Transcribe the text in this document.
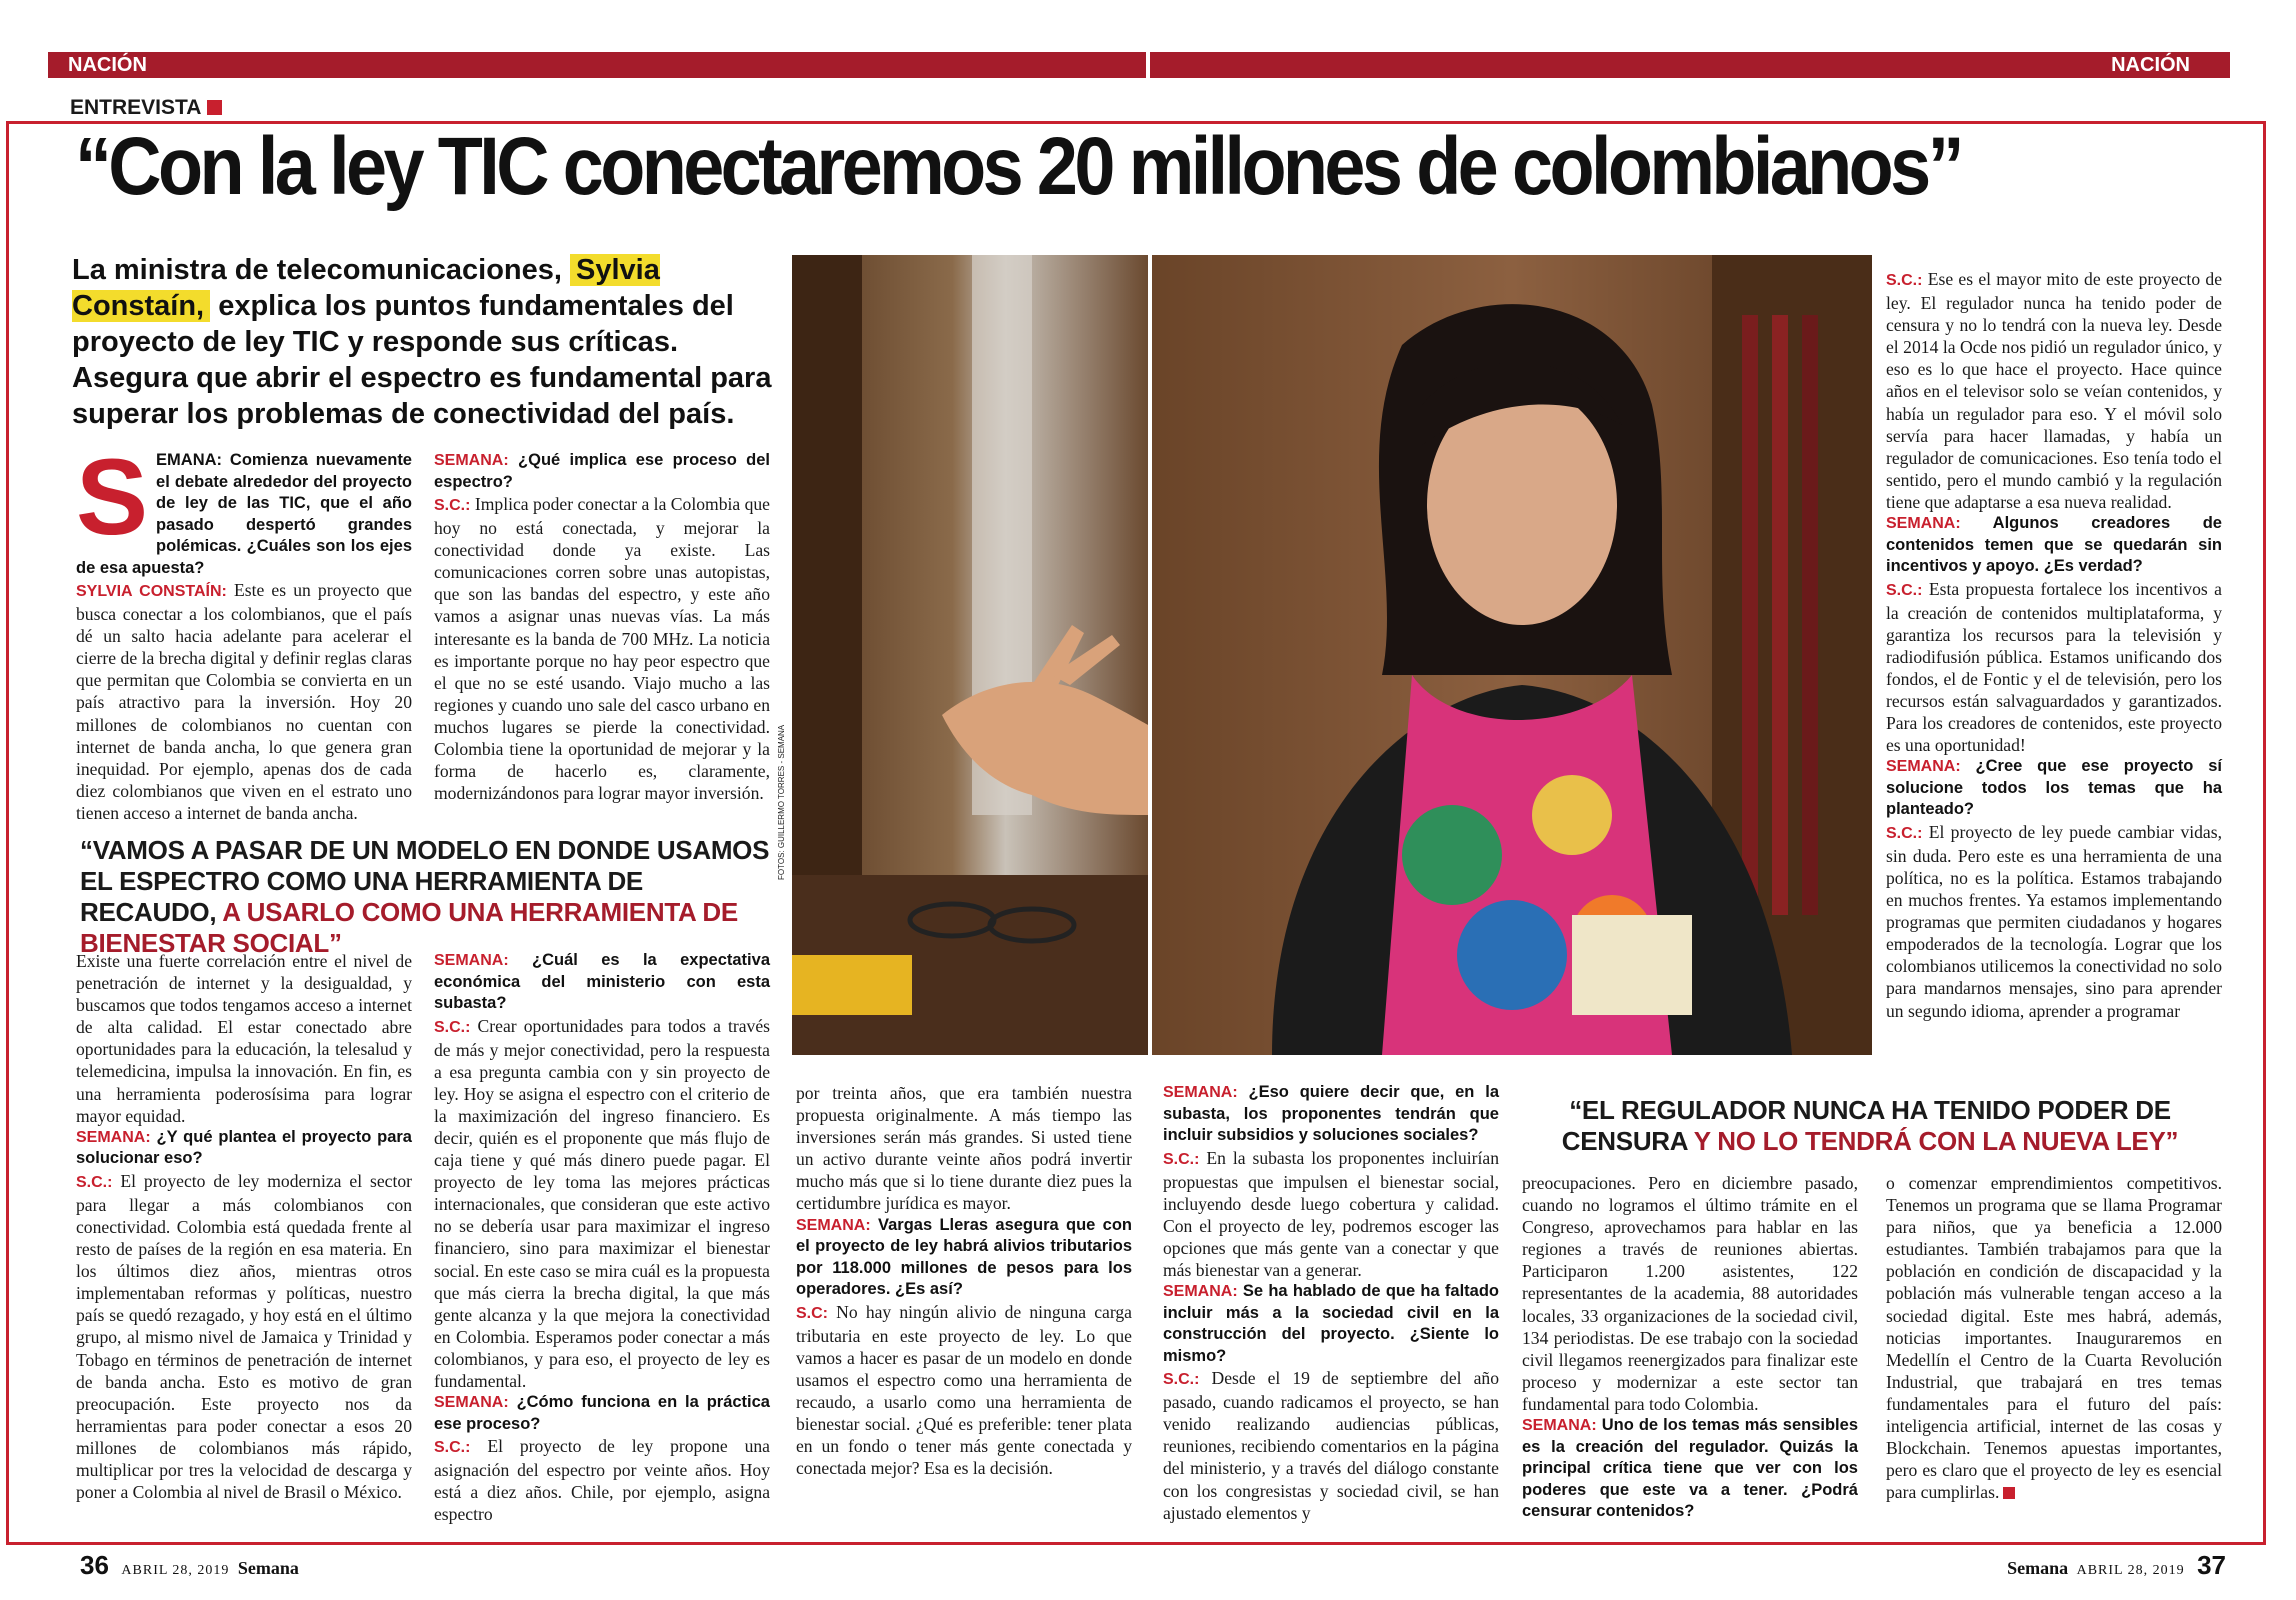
NACIÓN	NACIÓN
ENTREVISTA
FOTOS: GUILLERMO TORRES - SEMANA
“Con la ley TIC conectaremos 20 millones de colombianos”
La ministra de telecomunicaciones, Sylvia Constaín, explica los puntos fundamentales del proyecto de ley TIC y responde sus críticas. Asegura que abrir el espectro es fundamental para superar los problemas de conectividad del país.
S EMANA: Comienza nuevamente el debate alrededor del proyecto de ley de las TIC, que el año pasado despertó grandes polémicas. ¿Cuáles son los ejes de esa apuesta?

SYLVIA CONSTAÍN: Este es un proyecto que busca conectar a los colombianos, que el país dé un salto hacia adelante para acelerar el cierre de la brecha digital y definir reglas claras que permitan que Colombia se convierta en un país atractivo para la inversión. Hoy 20 millones de colombianos no cuentan con internet de banda ancha, lo que genera gran inequidad. Por ejemplo, apenas dos de cada diez colombianos que viven en el estrato uno tienen acceso a internet de banda ancha.

SEMANA: ¿Qué implica ese proceso del espectro?

S.C.: Implica poder conectar a la Colombia que hoy no está conectada, y mejorar la conectividad donde ya existe. Las comunicaciones corren sobre unas autopistas, que son las bandas del espectro, y este año vamos a asignar unas nuevas vías. La más interesante es la banda de 700 MHz. La noticia es importante porque no hay peor espectro que el que no se esté usando. Viajo mucho a las regiones y cuando uno sale del casco urbano en muchos lugares se pierde la conectividad. Colombia tiene la oportunidad de mejorar y la forma de hacerlo es, claramente, modernizándonos para lograr mayor inversión.

“VAMOS A PASAR DE UN MODELO EN DONDE USAMOS EL ESPECTRO COMO UNA HERRAMIENTA DE RECAUDO, A USARLO COMO UNA HERRAMIENTA DE BIENESTAR SOCIAL”

Existe una fuerte correlación entre el nivel de penetración de internet y la desigualdad, y buscamos que todos tengamos acceso a internet de alta calidad. El estar conectado abre oportunidades para la educación, la telesalud y telemedicina, impulsa la innovación. En fin, es una herramienta poderosísima para lograr mayor equidad.

SEMANA: ¿Y qué plantea el proyecto para solucionar eso?

S.C.: El proyecto de ley moderniza el sector para llegar a más colombianos con conectividad. Colombia está quedada frente al resto de países de la región en esa materia. En los últimos diez años, mientras otros implementaban reformas y políticas, nuestro país se quedó rezagado, y hoy está en el último grupo, al mismo nivel de Jamaica y Trinidad y Tobago en términos de penetración de internet de banda ancha. Esto es motivo de gran preocupación. Este proyecto nos da herramientas para poder conectar a esos 20 millones de colombianos más rápido, multiplicar por tres la velocidad de descarga y poner a Colombia al nivel de Brasil o México.

SEMANA: ¿Cuál es la expectativa económica del ministerio con esta subasta?

S.C.: Crear oportunidades para todos a través de más y mejor conectividad, pero la respuesta a esa pregunta cambia con y sin proyecto de ley. Hoy se asigna el espectro con el criterio de la maximización del ingreso financiero. Es decir, quién es el proponente que más flujo de caja tiene y qué más dinero puede pagar. El proyecto de ley toma las mejores prácticas internacionales, que consideran que este activo no se debería usar para maximizar el ingreso financiero, sino para maximizar el bienestar social. En este caso se mira cuál es la propuesta que más cierra la brecha digital, la que más gente alcanza y la que mejora la conectividad en Colombia. Esperamos poder conectar a más colombianos, y para eso, el proyecto de ley es fundamental.

SEMANA: ¿Cómo funciona en la práctica ese proceso?

S.C.: El proyecto de ley propone una asignación del espectro por veinte años. Hoy está a diez años. Chile, por ejemplo, asigna espectro

por treinta años, que era también nuestra propuesta originalmente. A más tiempo las inversiones serán más grandes. Si usted tiene un activo durante veinte años podrá invertir mucho más que si lo tiene durante diez pues la certidumbre jurídica es mayor.

SEMANA: Vargas Lleras asegura que con el proyecto de ley habrá alivios tributarios por 118.000 millones de pesos para los operadores. ¿Es así?

S.C: No hay ningún alivio de ninguna carga tributaria en este proyecto de ley. Lo que vamos a hacer es pasar de un modelo en donde usamos el espectro como una herramienta de recaudo, a usarlo como una herramienta de bienestar social. ¿Qué es preferible: tener plata en un fondo o tener más gente conectada y conectada mejor? Esa es la decisión.

SEMANA: ¿Eso quiere decir que, en la subasta, los proponentes tendrán que incluir subsidios y soluciones sociales?

S.C.: En la subasta los proponentes incluirían propuestas que impulsen el bienestar social, incluyendo desde luego cobertura y calidad. Con el proyecto de ley, podremos escoger las opciones que más gente van a conectar y que más bienestar van a generar.

SEMANA: Se ha hablado de que ha faltado incluir más a la sociedad civil en la construcción del proyecto. ¿Siente lo mismo?

S.C.: Desde el 19 de septiembre del año pasado, cuando radicamos el proyecto, se han venido realizando audiencias públicas, reuniones, recibiendo comentarios en la página del ministerio, y a través del diálogo constante con los congresistas y sociedad civil, se han ajustado elementos y

“EL REGULADOR NUNCA HA TENIDO PODER DE CENSURA Y NO LO TENDRÁ CON LA NUEVA LEY”

preocupaciones. Pero en diciembre pasado, cuando no logramos el último trámite en el Congreso, aprovechamos para hablar en las regiones a través de reuniones abiertas. Participaron 1.200 asistentes, 122 representantes de la academia, 88 autoridades locales, 33 organizaciones de la sociedad civil, 134 periodistas. De ese trabajo con la sociedad civil llegamos reenergizados para finalizar este proceso y modernizar a este sector tan fundamental para todo Colombia.

SEMANA: Uno de los temas más sensibles es la creación del regulador. Quizás la principal crítica tiene que ver con los poderes que este va a tener. ¿Podrá censurar contenidos?

S.C.: Ese es el mayor mito de este proyecto de ley. El regulador nunca ha tenido poder de censura y no lo tendrá con la nueva ley. Desde el 2014 la Ocde nos pidió un regulador único, y eso es lo que hace el proyecto. Hace quince años en el televisor solo se veían contenidos, y había un regulador para eso. Y el móvil solo servía para hacer llamadas, y había un regulador de comunicaciones. Eso tenía todo el sentido, pero el mundo cambió y la regulación tiene que adaptarse a esa nueva realidad.

SEMANA: Algunos creadores de contenidos temen que se quedarán sin incentivos y apoyo. ¿Es verdad?

S.C.: Esta propuesta fortalece los incentivos a la creación de contenidos multiplataforma, y garantiza los recursos para la televisión y radiodifusión pública. Estamos unificando dos fondos, el de Fontic y el de televisión, pero los recursos están salvaguardados y garantizados. Para los creadores de contenidos, este proyecto es una oportunidad!

SEMANA: ¿Cree que ese proyecto sí solucione todos los temas que ha planteado?

S.C.: El proyecto de ley puede cambiar vidas, sin duda. Pero este es una herramienta de una política, no es la política. Estamos trabajando en muchos frentes. Ya estamos implementando programas que permiten ciudadanos y hogares empoderados de la tecnología. Lograr que los colombianos utilicemos la conectividad no solo para mandarnos mensajes, sino para aprender un segundo idioma, aprender a programar

o comenzar emprendimientos competitivos. Tenemos un programa que se llama Programar para niños, que ya beneficia a 12.000 estudiantes. También trabajamos para que la población en condición de discapacidad y la población más vulnerable tengan acceso a la sociedad digital. Este mes habrá, además, noticias importantes. Inauguraremos en Medellín el Centro de la Cuarta Revolución Industrial, que trabajará en tres temas fundamentales para el futuro del país: inteligencia artificial, internet de las cosas y Blockchain. Tenemos apuestas importantes, pero es claro que el proyecto de ley es esencial para cumplirlas.

36 ABRIL 28, 2019 Semana	Semana ABRIL 28, 2019 37
